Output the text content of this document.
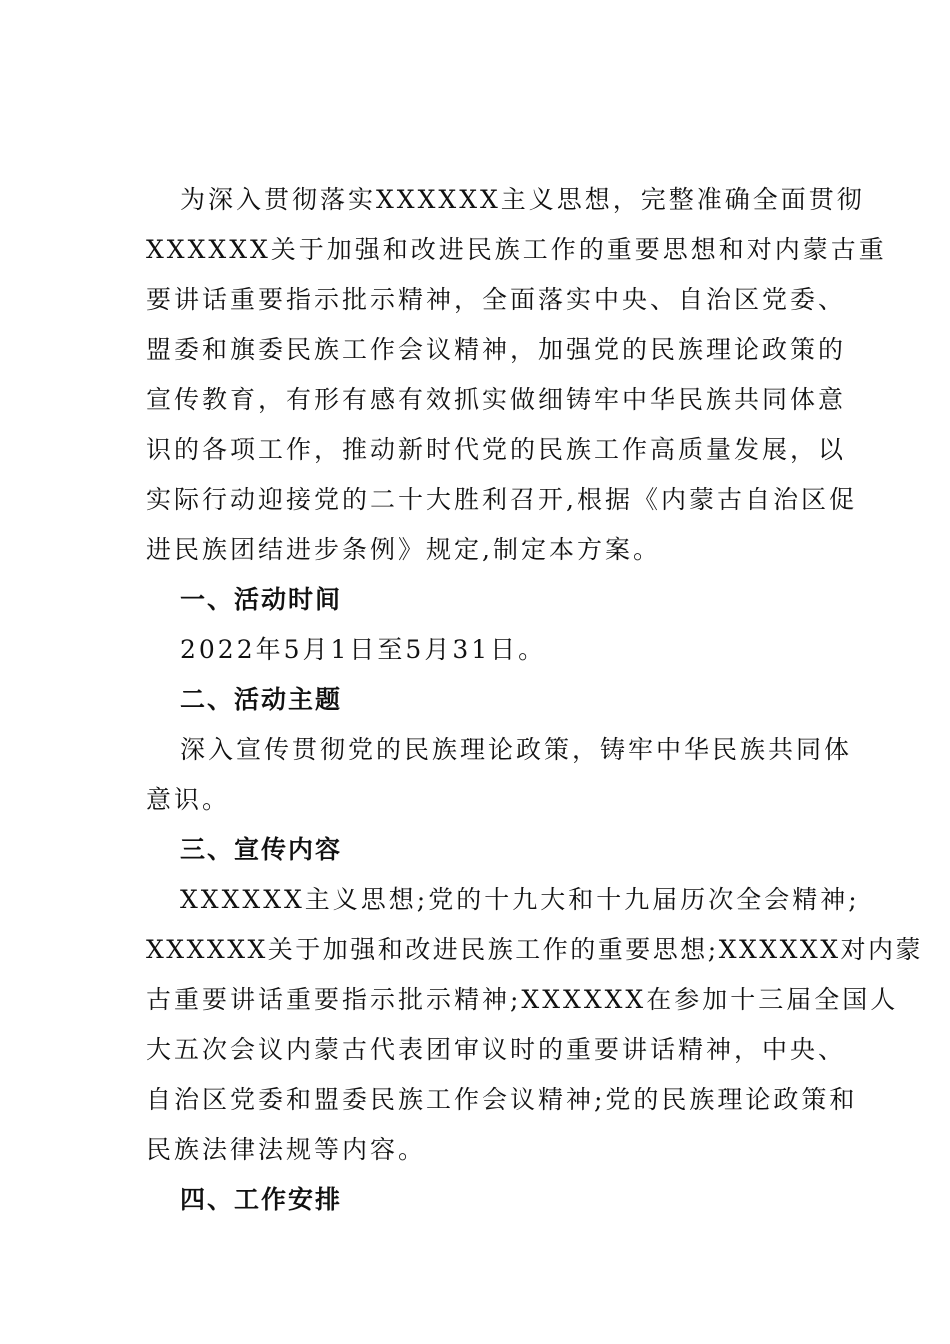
为深入贯彻落实XXXXXX主义思想，完整准确全面贯彻
XXXXXX关于加强和改进民族工作的重要思想和对内蒙古重
要讲话重要指示批示精神，全面落实中央、自治区党委、
盟委和旗委民族工作会议精神，加强党的民族理论政策的
宣传教育，有形有感有效抓实做细铸牢中华民族共同体意
识的各项工作，推动新时代党的民族工作高质量发展，以
实际行动迎接党的二十大胜利召开,根据《内蒙古自治区促
进民族团结进步条例》规定,制定本方案。
一、活动时间
2022年5月1日至5月31日。
二、活动主题
深入宣传贯彻党的民族理论政策，铸牢中华民族共同体
意识。
三、宣传内容
XXXXXX主义思想;党的十九大和十九届历次全会精神;
XXXXXX关于加强和改进民族工作的重要思想;XXXXXX对内蒙
古重要讲话重要指示批示精神;XXXXXX在参加十三届全国人
大五次会议内蒙古代表团审议时的重要讲话精神，中央、
自治区党委和盟委民族工作会议精神;党的民族理论政策和
民族法律法规等内容。
四、工作安排
